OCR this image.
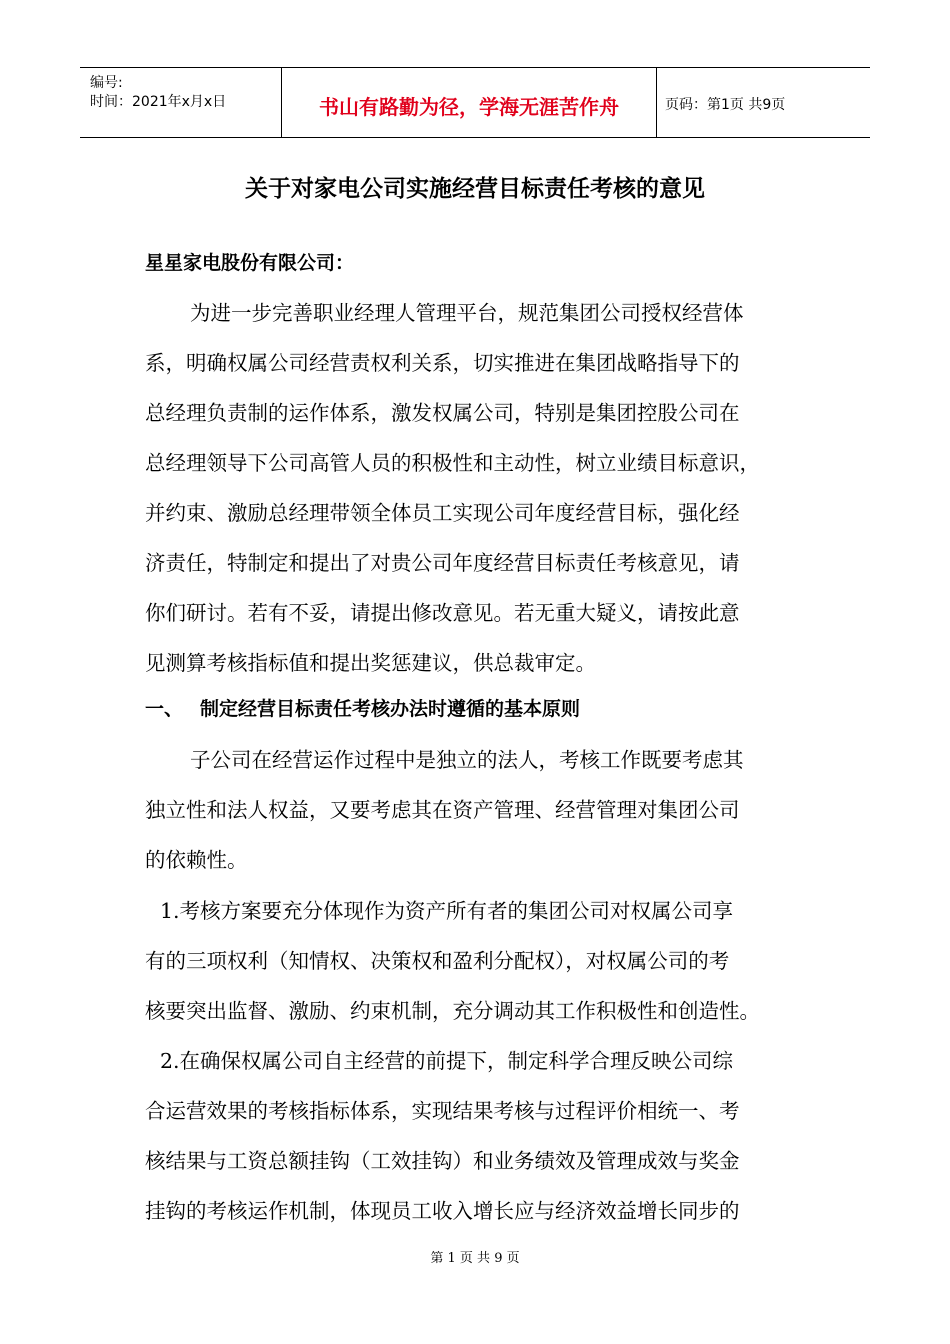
编号:
时间：2021年x月x日	书山有路勤为径，学海无涯苦作舟	页码：第1页 共9页
关于对家电公司实施经营目标责任考核的意见
星星家电股份有限公司：
为进一步完善职业经理人管理平台，规范集团公司授权经营体
系，明确权属公司经营责权利关系，切实推进在集团战略指导下的
总经理负责制的运作体系，激发权属公司，特别是集团控股公司在
总经理领导下公司高管人员的积极性和主动性，树立业绩目标意识，
并约束、激励总经理带领全体员工实现公司年度经营目标，强化经
济责任，特制定和提出了对贵公司年度经营目标责任考核意见，请
你们研讨。若有不妥，请提出修改意见。若无重大疑义，请按此意
见测算考核指标值和提出奖惩建议，供总裁审定。
一、 制定经营目标责任考核办法时遵循的基本原则
子公司在经营运作过程中是独立的法人，考核工作既要考虑其
独立性和法人权益，又要考虑其在资产管理、经营管理对集团公司
的依赖性。
1.考核方案要充分体现作为资产所有者的集团公司对权属公司享
有的三项权利（知情权、决策权和盈利分配权），对权属公司的考
核要突出监督、激励、约束机制，充分调动其工作积极性和创造性。
2.在确保权属公司自主经营的前提下，制定科学合理反映公司综
合运营效果的考核指标体系，实现结果考核与过程评价相统一、考
核结果与工资总额挂钩（工效挂钩）和业务绩效及管理成效与奖金
挂钩的考核运作机制，体现员工收入增长应与经济效益增长同步的
第 1 页 共 9 页
